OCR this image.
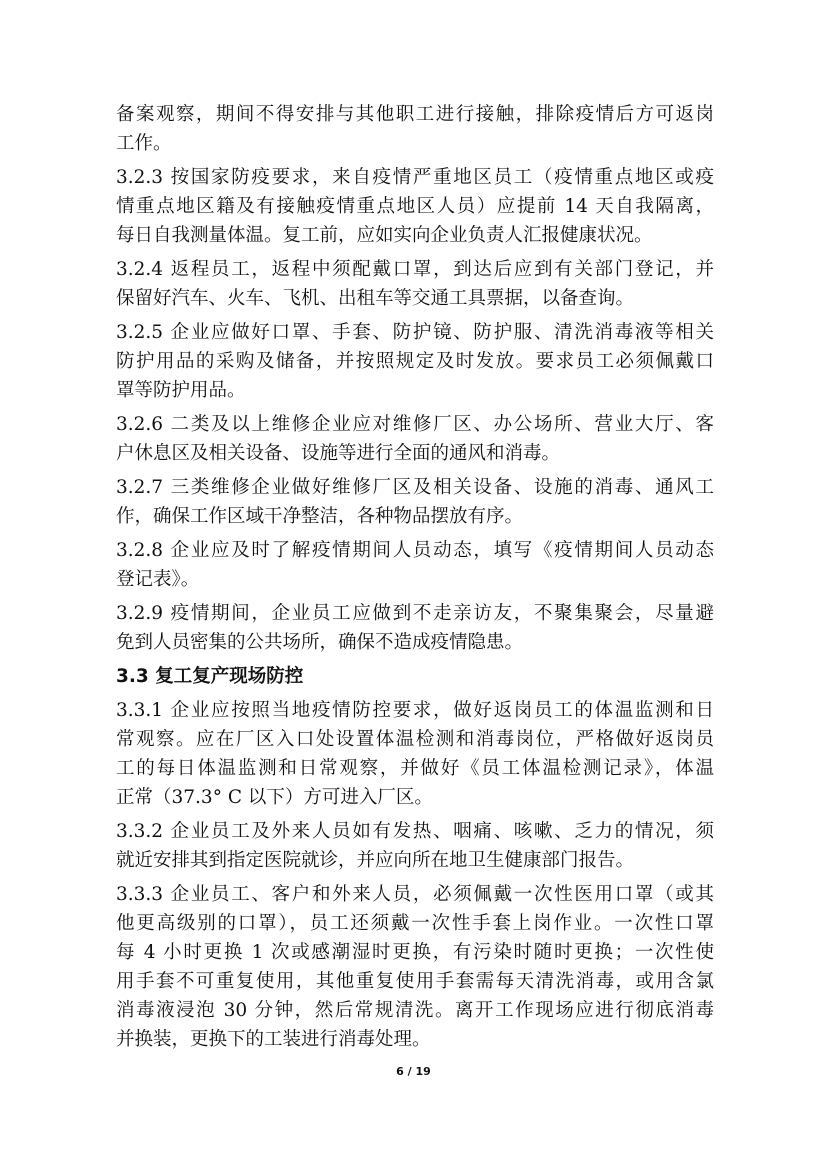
备案观察，期间不得安排与其他职工进行接触，排除疫情后方可返岗
工作。
3.2.3 按国家防疫要求，来自疫情严重地区员工（疫情重点地区或疫
情重点地区籍及有接触疫情重点地区人员）应提前 14 天自我隔离，
每日自我测量体温。复工前，应如实向企业负责人汇报健康状况。
3.2.4 返程员工，返程中须配戴口罩，到达后应到有关部门登记，并
保留好汽车、火车、飞机、出租车等交通工具票据，以备查询。
3.2.5 企业应做好口罩、手套、防护镜、防护服、清洗消毒液等相关
防护用品的采购及储备，并按照规定及时发放。要求员工必须佩戴口
罩等防护用品。
3.2.6 二类及以上维修企业应对维修厂区、办公场所、营业大厅、客
户休息区及相关设备、设施等进行全面的通风和消毒。
3.2.7 三类维修企业做好维修厂区及相关设备、设施的消毒、通风工
作，确保工作区域干净整洁，各种物品摆放有序。
3.2.8 企业应及时了解疫情期间人员动态，填写《疫情期间人员动态
登记表》。
3.2.9 疫情期间，企业员工应做到不走亲访友，不聚集聚会，尽量避
免到人员密集的公共场所，确保不造成疫情隐患。
3.3 复工复产现场防控
3.3.1 企业应按照当地疫情防控要求，做好返岗员工的体温监测和日
常观察。应在厂区入口处设置体温检测和消毒岗位，严格做好返岗员
工的每日体温监测和日常观察，并做好《员工体温检测记录》，体温
正常（37.3° C 以下）方可进入厂区。
3.3.2 企业员工及外来人员如有发热、咽痛、咳嗽、乏力的情况，须
就近安排其到指定医院就诊，并应向所在地卫生健康部门报告。
3.3.3 企业员工、客户和外来人员，必须佩戴一次性医用口罩（或其
他更高级别的口罩），员工还须戴一次性手套上岗作业。一次性口罩
每 4 小时更换 1 次或感潮湿时更换，有污染时随时更换；一次性使
用手套不可重复使用，其他重复使用手套需每天清洗消毒，或用含氯
消毒液浸泡 30 分钟，然后常规清洗。离开工作现场应进行彻底消毒
并换装，更换下的工装进行消毒处理。
6 / 19
